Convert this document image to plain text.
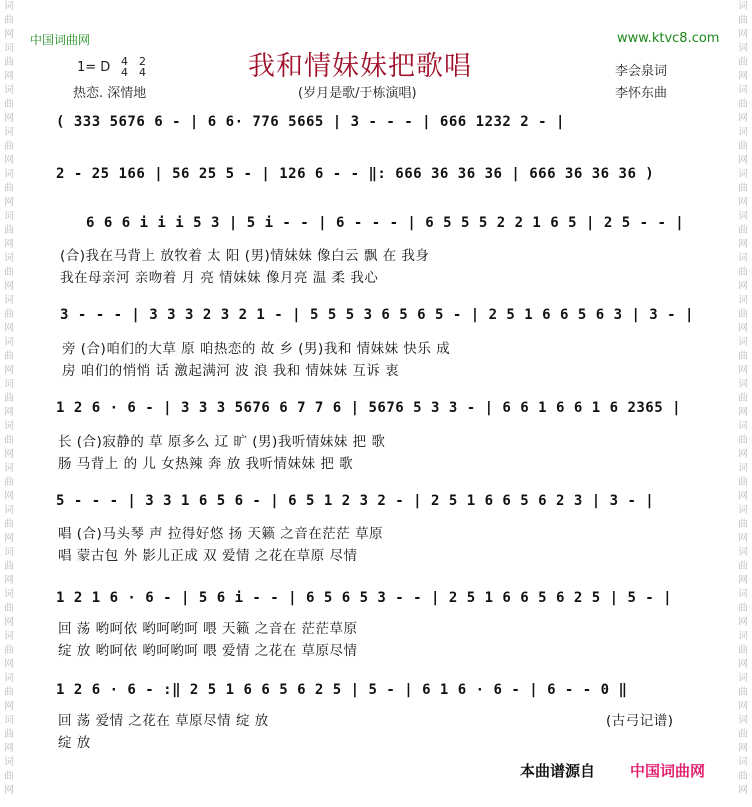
词
曲
网
词
曲
网
词
曲
网
词
曲
网
词
曲
网
词
曲
网
词
曲
网
词
曲
网
词
曲
网
词
曲
网
词
曲
网
词
曲
网
词
曲
网
词
曲
网
词
曲
网
词
曲
网
词
曲
网
词
曲
网
词
曲
网
词
曲
网
词
曲
网
词
曲
网
词
曲
网
词
曲
网
词
曲
网
词
曲
网
词
曲
网
词
曲
网
词
曲
网
词
曲
网
词
曲
网
词
曲
网
词
曲
网
词
曲
网
词
曲
网
词
曲
网
词
曲
网
词
曲
网
中国词曲网	www.ktvc8.com
我和情妹妹把歌唱
1= D 4
4
2
4
热恋. 深情地	(岁月是歌/于栋演唱)
李会泉词
李怀东曲
( 333 5676 6 - | 6 6· 776 5665 | 3 - - - | 666 1232 2 - |
2 - 25 166 | 56 25 5 - | 126 6 - - ‖: 666 36 36 36 | 666 36 36 36 )
6 6 6 i i i 5 3 | 5 i - - | 6 - - - | 6 5 5 5 2 2 1 6 5 | 2 5 - - |
(合)我在马背上 放牧着 太 阳 (男)情妹妹 像白云 飘 在 我身
我在母亲河 亲吻着 月 亮 情妹妹 像月亮 温 柔 我心
3 - - - | 3 3 3 2 3 2 1 - | 5 5 5 3 6 5 6 5 - | 2 5 1 6 6 5 6 3 | 3 - |
旁 (合)咱们的大草 原 咱热恋的 故 乡 (男)我和 情妹妹 快乐 成
房 咱们的悄悄 话 激起满河 波 浪 我和 情妹妹 互诉 衷
1 2 6 · 6 - | 3 3 3 5676 6 7 7 6 | 5676 5 3 3 - | 6 6 1 6 6 1 6 2365 |
长 (合)寂静的 草 原多么 辽 旷 (男)我听情妹妹 把 歌
肠 马背上 的 儿 女热辣 奔 放 我听情妹妹 把 歌
5 - - - | 3 3 1 6 5 6 - | 6 5 1 2 3 2 - | 2 5 1 6 6 5 6 2 3 | 3 - |
唱 (合)马头琴 声 拉得好悠 扬 天籁 之音在茫茫 草原
唱 蒙古包 外 影儿正成 双 爱情 之花在草原 尽情
1 2 1 6 · 6 - | 5 6 i - - | 6 5 6 5 3 - - | 2 5 1 6 6 5 6 2 5 | 5 - |
回 荡 哟呵依 哟呵哟呵 喂 天籁 之音在 茫茫草原
绽 放 哟呵依 哟呵哟呵 喂 爱情 之花在 草原尽情
1 2 6 · 6 - :‖ 2 5 1 6 6 5 6 2 5 | 5 - | 6 1 6 · 6 - | 6 - - 0 ‖
回 荡 爱情 之花在 草原尽情 绽 放
绽 放
(古弓记谱)
本曲谱源自 中国词曲网
